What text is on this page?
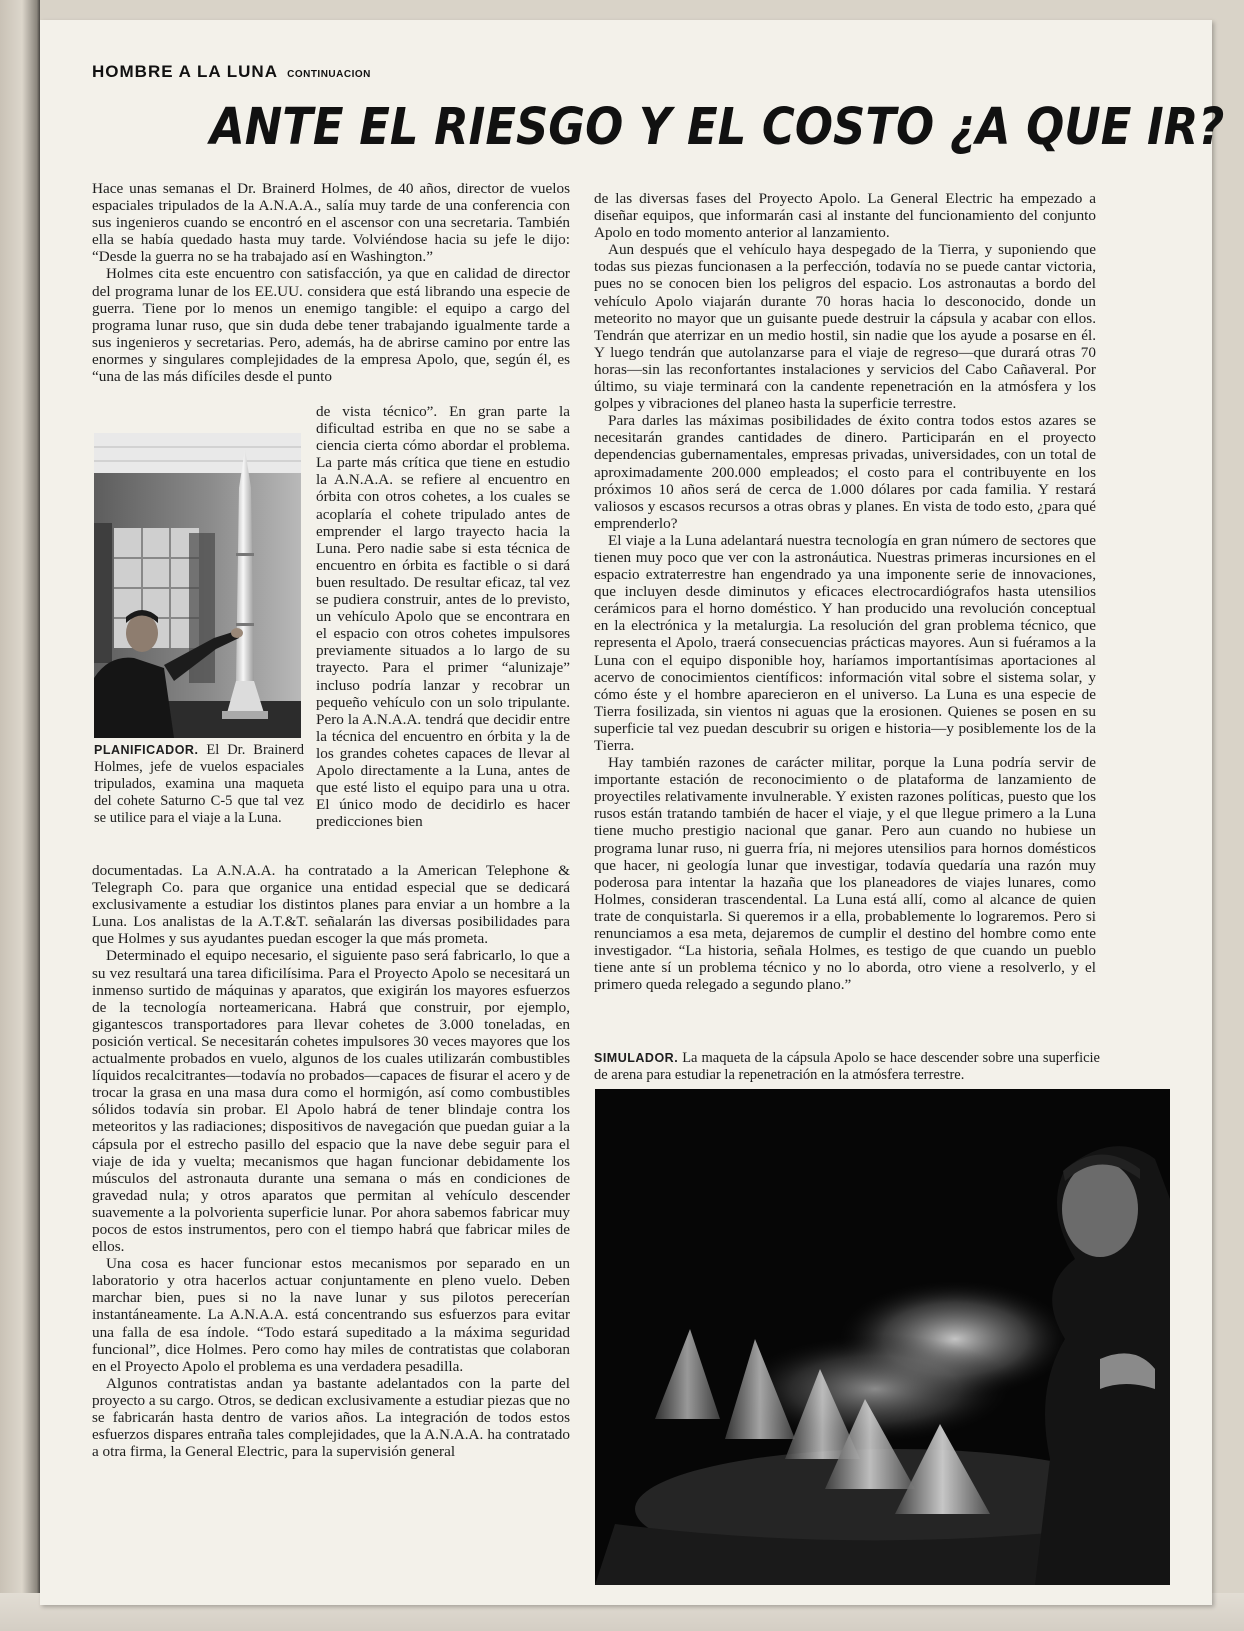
HOMBRE A LA LUNA CONTINUACION
ANTE EL RIESGO Y EL COSTO ¿A QUE IR?

Hace unas semanas el Dr. Brainerd Holmes, de 40 años, director de vuelos espaciales tripulados de la A.N.A.A., salía muy tarde de una conferencia con sus ingenieros cuando se encontró en el ascensor con una secretaria. También ella se había quedado hasta muy tarde. Volviéndose hacia su jefe le dijo: “Desde la guerra no se ha trabajado así en Washington.”

Holmes cita este encuentro con satisfacción, ya que en calidad de director del programa lunar de los EE.UU. considera que está librando una especie de guerra. Tiene por lo menos un enemigo tangible: el equipo a cargo del programa lunar ruso, que sin duda debe tener trabajando igualmente tarde a sus ingenieros y secretarias. Pero, además, ha de abrirse camino por entre las enormes y singulares complejidades de la empresa Apolo, que, según él, es “una de las más difíciles desde el punto

PLANIFICADOR. El Dr. Brainerd Holmes, jefe de vuelos espaciales tripulados, examina una maqueta del cohete Saturno C-5 que tal vez se utilice para el viaje a la Luna.

de vista técnico”. En gran parte la dificultad estriba en que no se sabe a ciencia cierta cómo abordar el problema. La parte más crítica que tiene en estudio la A.N.A.A. se refiere al encuentro en órbita con otros cohetes, a los cuales se acoplaría el cohete tripulado antes de emprender el largo trayecto hacia la Luna. Pero nadie sabe si esta técnica de encuentro en órbita es factible o si dará buen resultado. De resultar eficaz, tal vez se pudiera construir, antes de lo previsto, un vehículo Apolo que se encontrara en el espacio con otros cohetes impulsores previamente situados a lo largo de su trayecto. Para el primer “alunizaje” incluso podría lanzar y recobrar un pequeño vehículo con un solo tripulante. Pero la A.N.A.A. tendrá que decidir entre la técnica del encuentro en órbita y la de los grandes cohetes capaces de llevar al Apolo directamente a la Luna, antes de que esté listo el equipo para una u otra. El único modo de decidirlo es hacer predicciones bien

documentadas. La A.N.A.A. ha contratado a la American Telephone & Telegraph Co. para que organice una entidad especial que se dedicará exclusivamente a estudiar los distintos planes para enviar a un hombre a la Luna. Los analistas de la A.T.&T. señalarán las diversas posibilidades para que Holmes y sus ayudantes puedan escoger la que más prometa.

Determinado el equipo necesario, el siguiente paso será fabricarlo, lo que a su vez resultará una tarea dificilísima. Para el Proyecto Apolo se necesitará un inmenso surtido de máquinas y aparatos, que exigirán los mayores esfuerzos de la tecnología norteamericana. Habrá que construir, por ejemplo, gigantescos transportadores para llevar cohetes de 3.000 toneladas, en posición vertical. Se necesitarán cohetes impulsores 30 veces mayores que los actualmente probados en vuelo, algunos de los cuales utilizarán combustibles líquidos recalcitrantes—todavía no probados—capaces de fisurar el acero y de trocar la grasa en una masa dura como el hormigón, así como combustibles sólidos todavía sin probar. El Apolo habrá de tener blindaje contra los meteoritos y las radiaciones; dispositivos de navegación que puedan guiar a la cápsula por el estrecho pasillo del espacio que la nave debe seguir para el viaje de ida y vuelta; mecanismos que hagan funcionar debidamente los músculos del astronauta durante una semana o más en condiciones de gravedad nula; y otros aparatos que permitan al vehículo descender suavemente a la polvorienta superficie lunar. Por ahora sabemos fabricar muy pocos de estos instrumentos, pero con el tiempo habrá que fabricar miles de ellos.

Una cosa es hacer funcionar estos mecanismos por separado en un laboratorio y otra hacerlos actuar conjuntamente en pleno vuelo. Deben marchar bien, pues si no la nave lunar y sus pilotos perecerían instantáneamente. La A.N.A.A. está concentrando sus esfuerzos para evitar una falla de esa índole. “Todo estará supeditado a la máxima seguridad funcional”, dice Holmes. Pero como hay miles de contratistas que colaboran en el Proyecto Apolo el problema es una verdadera pesadilla.

Algunos contratistas andan ya bastante adelantados con la parte del proyecto a su cargo. Otros, se dedican exclusivamente a estudiar piezas que no se fabricarán hasta dentro de varios años. La integración de todos estos esfuerzos dispares entraña tales complejidades, que la A.N.A.A. ha contratado a otra firma, la General Electric, para la supervisión general

de las diversas fases del Proyecto Apolo. La General Electric ha empezado a diseñar equipos, que informarán casi al instante del funcionamiento del conjunto Apolo en todo momento anterior al lanzamiento.

Aun después que el vehículo haya despegado de la Tierra, y suponiendo que todas sus piezas funcionasen a la perfección, todavía no se puede cantar victoria, pues no se conocen bien los peligros del espacio. Los astronautas a bordo del vehículo Apolo viajarán durante 70 horas hacia lo desconocido, donde un meteorito no mayor que un guisante puede destruir la cápsula y acabar con ellos. Tendrán que aterrizar en un medio hostil, sin nadie que los ayude a posarse en él. Y luego tendrán que autolanzarse para el viaje de regreso—que durará otras 70 horas—sin las reconfortantes instalaciones y servicios del Cabo Cañaveral. Por último, su viaje terminará con la candente repenetración en la atmósfera y los golpes y vibraciones del planeo hasta la superficie terrestre.

Para darles las máximas posibilidades de éxito contra todos estos azares se necesitarán grandes cantidades de dinero. Participarán en el proyecto dependencias gubernamentales, empresas privadas, universidades, con un total de aproximadamente 200.000 empleados; el costo para el contribuyente en los próximos 10 años será de cerca de 1.000 dólares por cada familia. Y restará valiosos y escasos recursos a otras obras y planes. En vista de todo esto, ¿para qué emprenderlo?

El viaje a la Luna adelantará nuestra tecnología en gran número de sectores que tienen muy poco que ver con la astronáutica. Nuestras primeras incursiones en el espacio extraterrestre han engendrado ya una imponente serie de innovaciones, que incluyen desde diminutos y eficaces electrocardiógrafos hasta utensilios cerámicos para el horno doméstico. Y han producido una revolución conceptual en la electrónica y la metalurgia. La resolución del gran problema técnico, que representa el Apolo, traerá consecuencias prácticas mayores. Aun si fuéramos a la Luna con el equipo disponible hoy, haríamos importantísimas aportaciones al acervo de conocimientos científicos: información vital sobre el sistema solar, y cómo éste y el hombre aparecieron en el universo. La Luna es una especie de Tierra fosilizada, sin vientos ni aguas que la erosionen. Quienes se posen en su superficie tal vez puedan descubrir su origen e historia—y posiblemente los de la Tierra.

Hay también razones de carácter militar, porque la Luna podría servir de importante estación de reconocimiento o de plataforma de lanzamiento de proyectiles relativamente invulnerable. Y existen razones políticas, puesto que los rusos están tratando también de hacer el viaje, y el que llegue primero a la Luna tiene mucho prestigio nacional que ganar. Pero aun cuando no hubiese un programa lunar ruso, ni guerra fría, ni mejores utensilios para hornos domésticos que hacer, ni geología lunar que investigar, todavía quedaría una razón muy poderosa para intentar la hazaña que los planeadores de viajes lunares, como Holmes, consideran trascendental. La Luna está allí, como al alcance de quien trate de conquistarla. Si queremos ir a ella, probablemente lo lograremos. Pero si renunciamos a esa meta, dejaremos de cumplir el destino del hombre como ente investigador. “La historia, señala Holmes, es testigo de que cuando un pueblo tiene ante sí un problema técnico y no lo aborda, otro viene a resolverlo, y el primero queda relegado a segundo plano.”

SIMULADOR. La maqueta de la cápsula Apolo se hace descender sobre una superficie de arena para estudiar la repenetración en la atmósfera terrestre.
